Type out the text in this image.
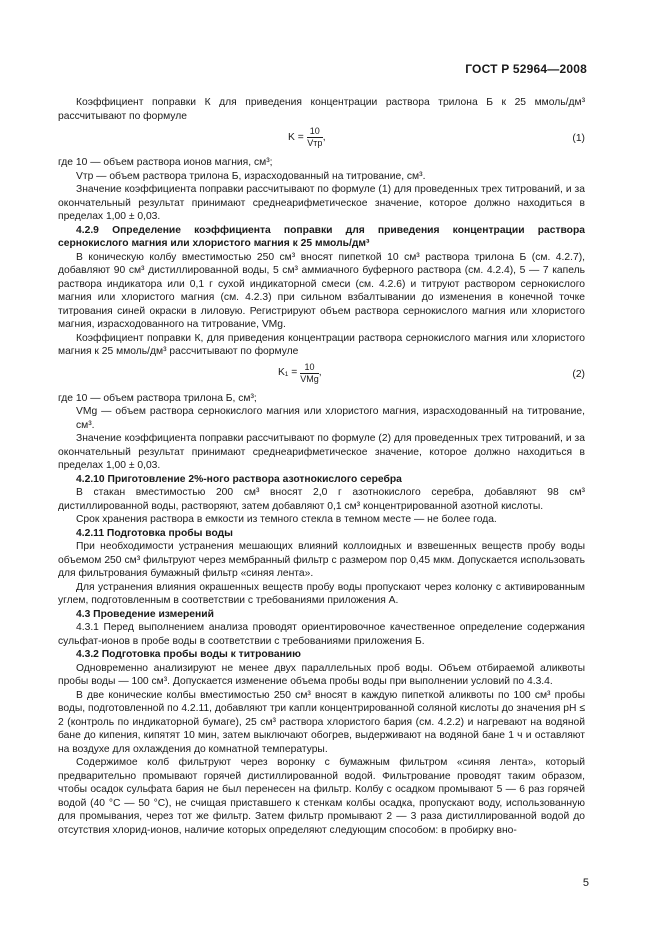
ГОСТ Р 52964—2008

Коэффициент поправки К для приведения концентрации раствора трилона Б к 25 ммоль/дм³ рассчитывают по формуле

K =
10
Vтр
,	(1)

где 10 — объем раствора ионов магния, см³;

Vтр — объем раствора трилона Б, израсходованный на титрование, см³.

Значение коэффициента поправки рассчитывают по формуле (1) для проведенных трех титрований, и за окончательный результат принимают среднеарифметическое значение, которое должно находиться в пределах 1,00 ± 0,03.

4.2.9 Определение коэффициента поправки для приведения концентрации раствора сернокислого магния или хлористого магния к 25 ммоль/дм³

В коническую колбу вместимостью 250 см³ вносят пипеткой 10 см³ раствора трилона Б (см. 4.2.7), добавляют 90 см³ дистиллированной воды, 5 см³ аммиачного буферного раствора (см. 4.2.4), 5 — 7 капель раствора индикатора или 0,1 г сухой индикаторной смеси (см. 4.2.6) и титруют раствором сернокислого магния или хлористого магния (см. 4.2.3) при сильном взбалтывании до изменения в конечной точке титрования синей окраски в лиловую. Регистрируют объем раствора сернокислого магния или хлористого магния, израсходованного на титрование, VMg.

Коэффициент поправки К, для приведения концентрации раствора сернокислого магния или хлористого магния к 25 ммоль/дм³ рассчитывают по формуле

K₁ =
10
VMg
,	(2)

где 10 — объем раствора трилона Б, см³;

VMg — объем раствора сернокислого магния или хлористого магния, израсходованный на титрование, см³.

Значение коэффициента поправки рассчитывают по формуле (2) для проведенных трех титрований, и за окончательный результат принимают среднеарифметическое значение, которое должно находиться в пределах 1,00 ± 0,03.

4.2.10 Приготовление 2%-ного раствора азотнокислого серебра

В стакан вместимостью 200 см³ вносят 2,0 г азотнокислого серебра, добавляют 98 см³ дистиллированной воды, растворяют, затем добавляют 0,1 см³ концентрированной азотной кислоты.

Срок хранения раствора в емкости из темного стекла в темном месте — не более года.

4.2.11 Подготовка пробы воды

При необходимости устранения мешающих влияний коллоидных и взвешенных веществ пробу воды объемом 250 см³ фильтруют через мембранный фильтр с размером пор 0,45 мкм. Допускается использовать для фильтрования бумажный фильтр «синяя лента».

Для устранения влияния окрашенных веществ пробу воды пропускают через колонку с активированным углем, подготовленным в соответствии с требованиями приложения А.

4.3 Проведение измерений

4.3.1 Перед выполнением анализа проводят ориентировочное качественное определение содержания сульфат-ионов в пробе воды в соответствии с требованиями приложения Б.

4.3.2 Подготовка пробы воды к титрованию

Одновременно анализируют не менее двух параллельных проб воды. Объем отбираемой аликвоты пробы воды — 100 см³. Допускается изменение объема пробы воды при выполнении условий по 4.3.4.

В две конические колбы вместимостью 250 см³ вносят в каждую пипеткой аликвоты по 100 см³ пробы воды, подготовленной по 4.2.11, добавляют три капли концентрированной соляной кислоты до значения pH ≤ 2 (контроль по индикаторной бумаге), 25 см³ раствора хлористого бария (см. 4.2.2) и нагревают на водяной бане до кипения, кипятят 10 мин, затем выключают обогрев, выдерживают на водяной бане 1 ч и оставляют на воздухе для охлаждения до комнатной температуры.

Содержимое колб фильтруют через воронку с бумажным фильтром «синяя лента», который предварительно промывают горячей дистиллированной водой. Фильтрование проводят таким образом, чтобы осадок сульфата бария не был перенесен на фильтр. Колбу с осадком промывают 5 — 6 раз горячей водой (40 °С — 50 °С), не счищая приставшего к стенкам колбы осадка, пропускают воду, использованную для промывания, через тот же фильтр. Затем фильтр промывают 2 — 3 раза дистиллированной водой до отсутствия хлорид-ионов, наличие которых определяют следующим способом: в пробирку вно-

5
